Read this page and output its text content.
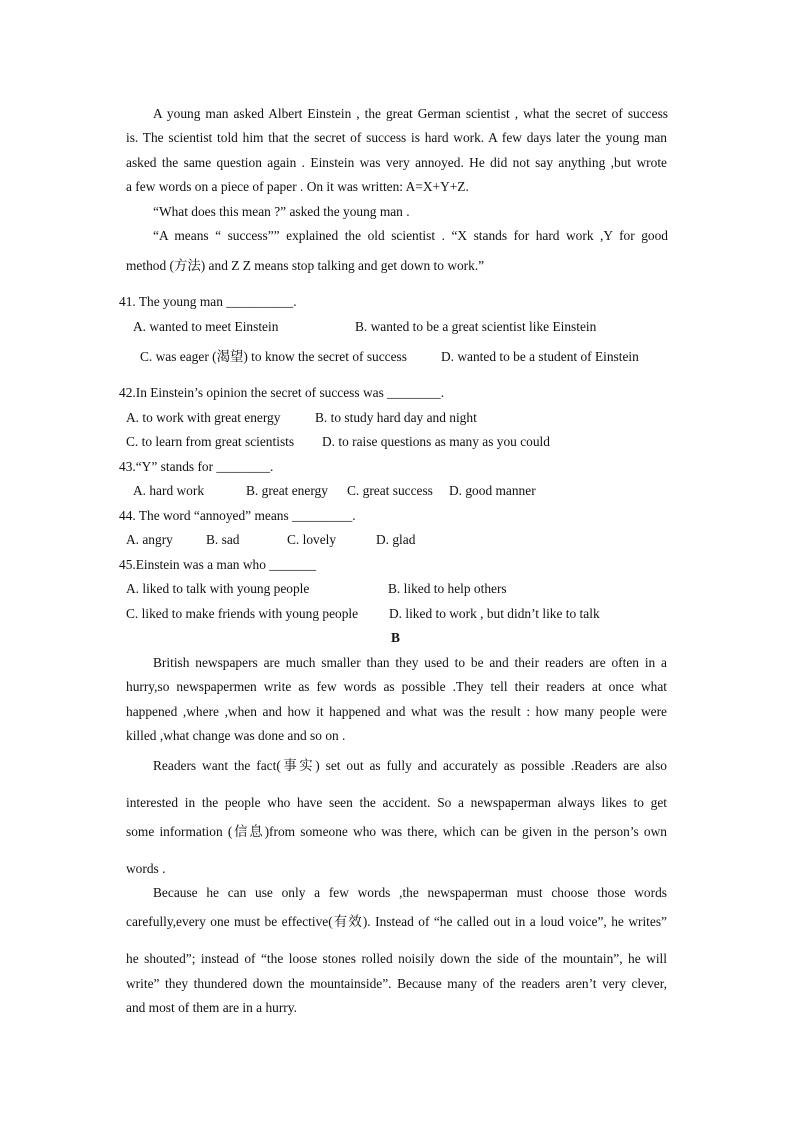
A young man asked Albert Einstein , the great German scientist , what the secret of success
is. The scientist told him that the secret of success is hard work. A few days later the young man
asked the same question again . Einstein was very annoyed. He did not say anything ,but wrote
a few words on a piece of paper . On it was written: A=X+Y+Z.
“What does this mean ?” asked the young man .
“A means “ success”” explained the old scientist . “X stands for hard work ,Y for good
method (方法) and Z Z means stop talking and get down to work.”
41. The young man __________.
A. wanted to meet Einstein	B. wanted to be a great scientist like Einstein
C. was eager (渴望) to know the secret of success	D. wanted to be a student of Einstein
42.In Einstein’s opinion the secret of success was ________.
A. to work with great energy	B. to study hard day and night
C. to learn from great scientists D. to raise questions as many as you could
43.“Y” stands for ________.
A. hard work	B. great energy C. great success D. good manner
44. The word “annoyed” means _________.
A. angry B. sad	C. lovely	D. glad
45.Einstein was a man who _______
A. liked to talk with young people	B. liked to help others
C. liked to make friends with young people D. liked to work , but didn’t like to talk
B
British newspapers are much smaller than they used to be and their readers are often in a
hurry,so newspapermen write as few words as possible .They tell their readers at once what
happened ,where ,when and how it happened and what was the result : how many people were
killed ,what change was done and so on .
Readers want the fact(事实) set out as fully and accurately as possible .Readers are also
interested in the people who have seen the accident. So a newspaperman always likes to get
some information (信息)from someone who was there, which can be given in the person’s own
words .
Because he can use only a few words ,the newspaperman must choose those words
carefully,every one must be effective(有效). Instead of “he called out in a loud voice”, he writes”
he shouted”; instead of “the loose stones rolled noisily down the side of the mountain”, he will
write” they thundered down the mountainside”. Because many of the readers aren’t very clever,
and most of them are in a hurry.
